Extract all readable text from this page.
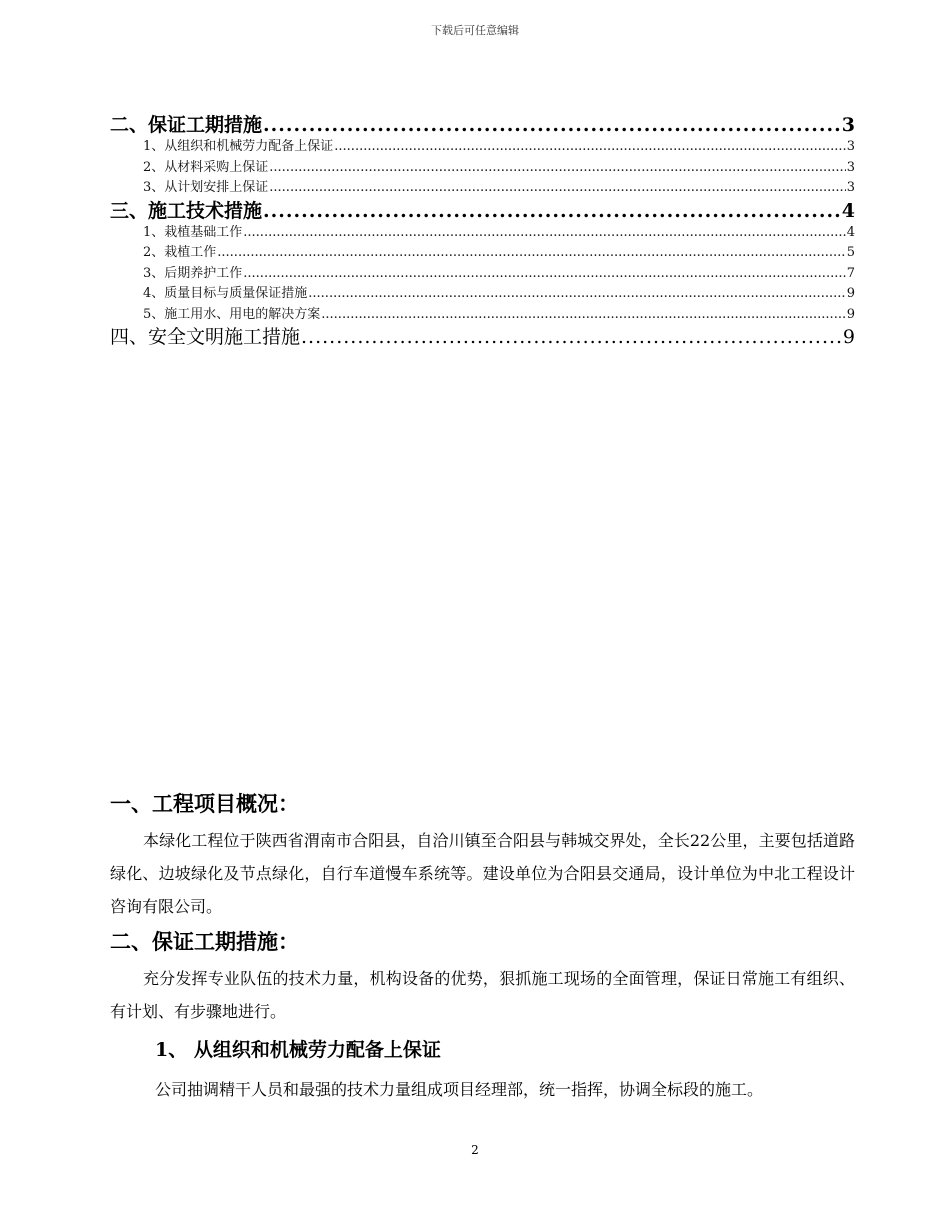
下载后可任意编辑
二、保证工期措施 .....	3
1、从组织和机械劳力配备上保证 .....	3
2、从材料采购上保证 .....	3
3、从计划安排上保证 .....	3
三、施工技术措施 .....	4
1、栽植基础工作 .....	4
2、栽植工作 .....	5
3、后期养护工作 .....	7
4、质量目标与质量保证措施 .....	9
5、施工用水、用电的解决方案 .....	9
四、安全文明施工措施 .....	9
一、工程项目概况：

本绿化工程位于陕西省渭南市合阳县，自洽川镇至合阳县与韩城交界处，全长22公里，主要包括道路绿化、边坡绿化及节点绿化，自行车道慢车系统等。建设单位为合阳县交通局，设计单位为中北工程设计咨询有限公司。

二、保证工期措施：

充分发挥专业队伍的技术力量，机构设备的优势，狠抓施工现场的全面管理，保证日常施工有组织、有计划、有步骤地进行。

1、 从组织和机械劳力配备上保证

公司抽调精干人员和最强的技术力量组成项目经理部，统一指挥，协调全标段的施工。

2
